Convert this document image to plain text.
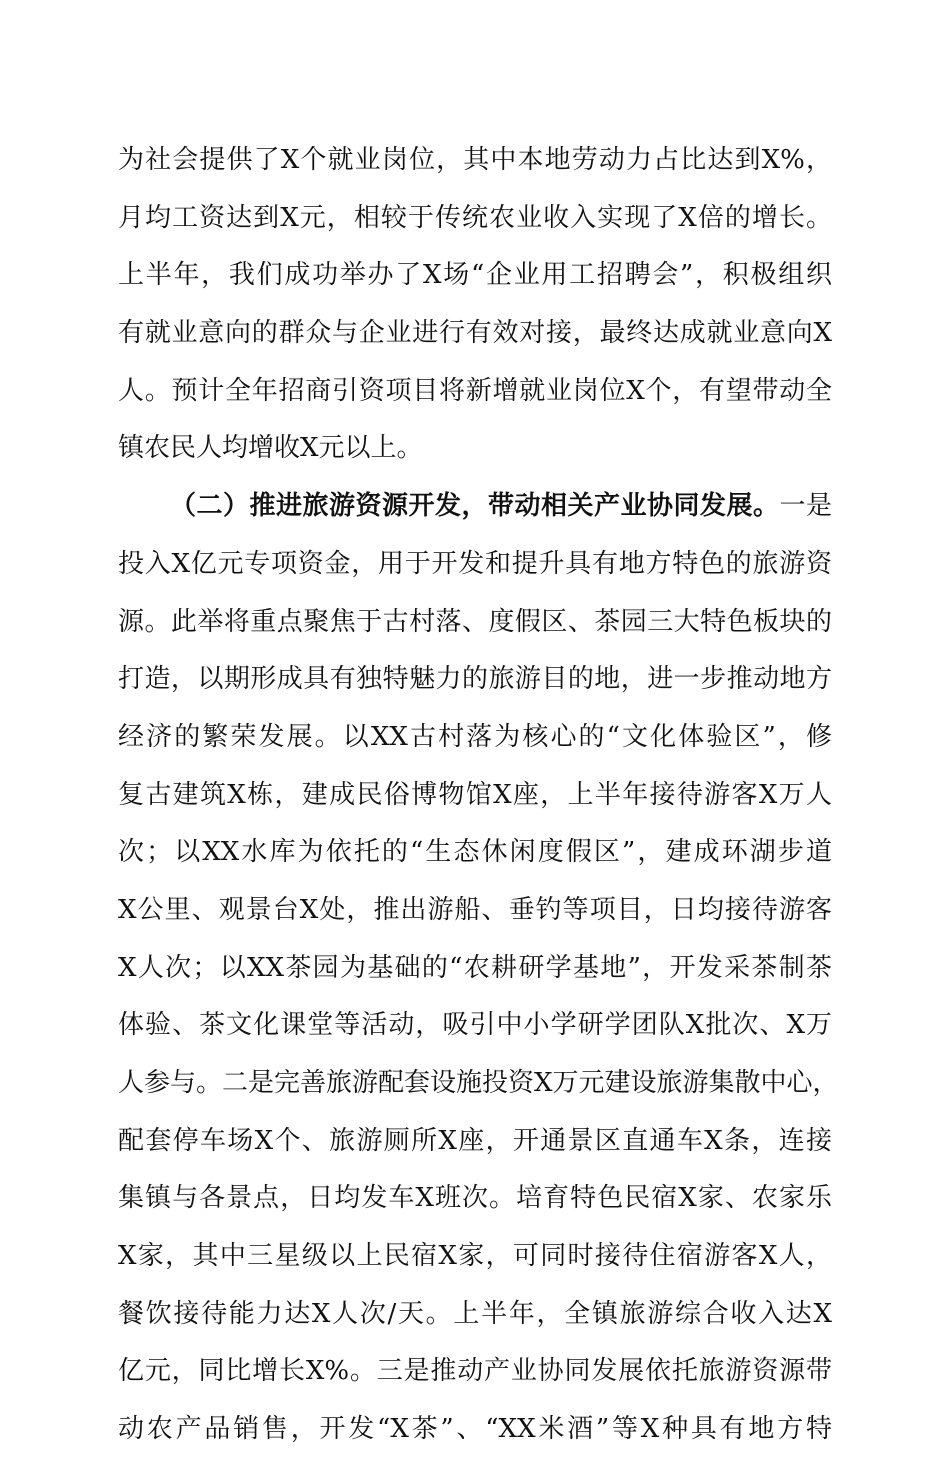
为社会提供了X个就业岗位，其中本地劳动力占比达到X%，
月均工资达到X元，相较于传统农业收入实现了X倍的增长。
上半年，我们成功举办了X场“企业用工招聘会”，积极组织
有就业意向的群众与企业进行有效对接，最终达成就业意向X
人。预计全年招商引资项目将新增就业岗位X个，有望带动全
镇农民人均增收X元以上。
（二）推进旅游资源开发，带动相关产业协同发展。一是
投入X亿元专项资金，用于开发和提升具有地方特色的旅游资
源。此举将重点聚焦于古村落、度假区、茶园三大特色板块的
打造，以期形成具有独特魅力的旅游目的地，进一步推动地方
经济的繁荣发展。以XX古村落为核心的“文化体验区”，修
复古建筑X栋，建成民俗博物馆X座，上半年接待游客X万人
次；以XX水库为依托的“生态休闲度假区”，建成环湖步道
X公里、观景台X处，推出游船、垂钓等项目，日均接待游客
X人次；以XX茶园为基础的“农耕研学基地”，开发采茶制茶
体验、茶文化课堂等活动，吸引中小学研学团队X批次、X万
人参与。二是完善旅游配套设施投资X万元建设旅游集散中心，
配套停车场X个、旅游厕所X座，开通景区直通车X条，连接
集镇与各景点，日均发车X班次。培育特色民宿X家、农家乐
X家，其中三星级以上民宿X家，可同时接待住宿游客X人，
餐饮接待能力达X人次/天。上半年，全镇旅游综合收入达X
亿元，同比增长X%。三是推动产业协同发展依托旅游资源带
动农产品销售，开发“X茶”、“XX米酒”等X种具有地方特
